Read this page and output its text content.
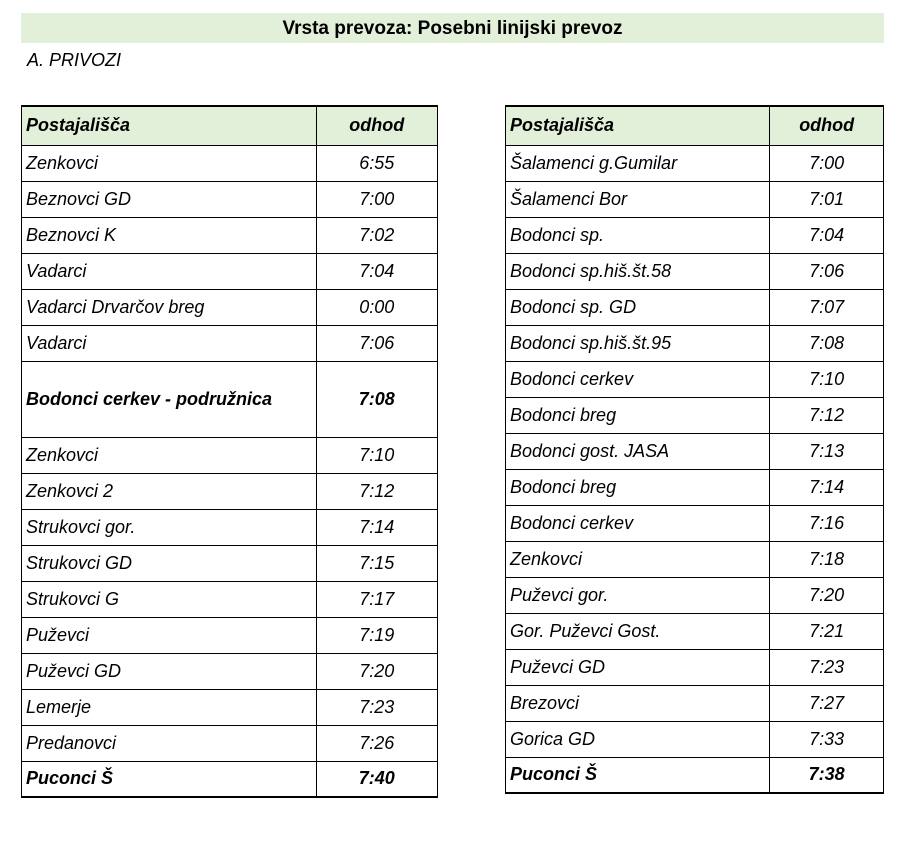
Vrsta prevoza: Posebni linijski prevoz
A. PRIVOZI
Postajališča	odhod
Zenkovci	6:55
Beznovci GD	7:00
Beznovci K	7:02
Vadarci	7:04
Vadarci Drvarčov breg	0:00
Vadarci	7:06
Bodonci cerkev - podružnica	7:08
Zenkovci	7:10
Zenkovci 2	7:12
Strukovci gor.	7:14
Strukovci GD	7:15
Strukovci G	7:17
Puževci	7:19
Puževci GD	7:20
Lemerje	7:23
Predanovci	7:26
Puconci Š	7:40
Postajališča	odhod
Šalamenci g.Gumilar	7:00
Šalamenci Bor	7:01
Bodonci sp.	7:04
Bodonci sp.hiš.št.58	7:06
Bodonci sp. GD	7:07
Bodonci sp.hiš.št.95	7:08
Bodonci cerkev	7:10
Bodonci breg	7:12
Bodonci gost. JASA	7:13
Bodonci breg	7:14
Bodonci cerkev	7:16
Zenkovci	7:18
Puževci gor.	7:20
Gor. Puževci Gost.	7:21
Puževci GD	7:23
Brezovci	7:27
Gorica GD	7:33
Puconci Š	7:38
